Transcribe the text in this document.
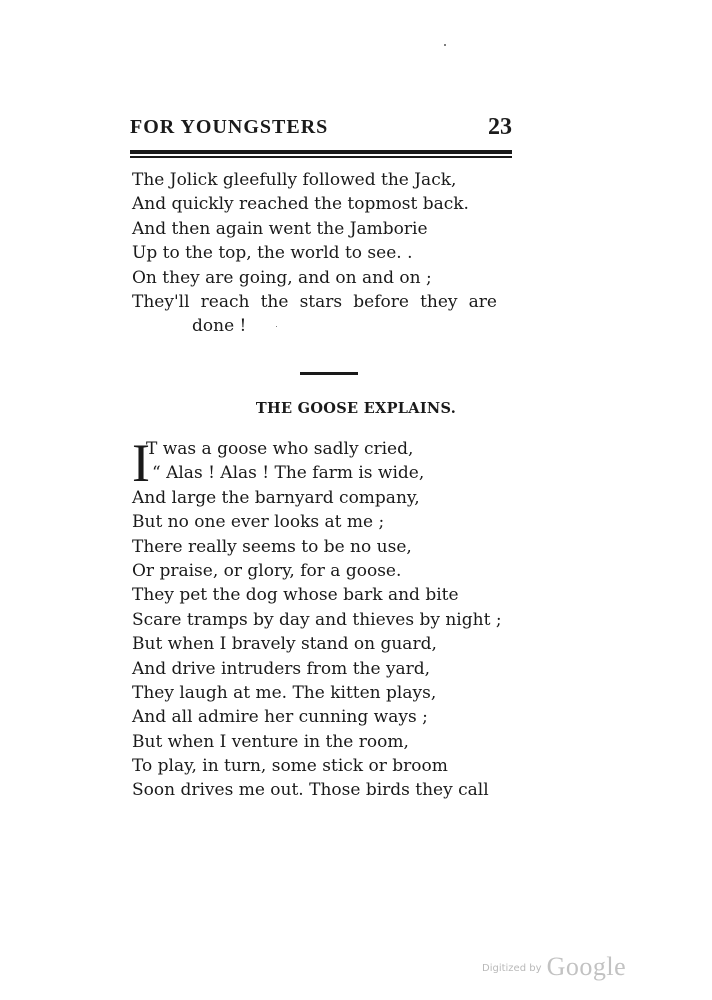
FOR YOUNGSTERS	23
The Jolick gleefully followed the Jack,
And quickly reached the topmost back.
And then again went the Jamborie
Up to the top, the world to see. .
On they are going, and on and on ;
They'll reach the stars before they are
done !
THE GOOSE EXPLAINS.
I
T was a goose who sadly cried,
“ Alas ! Alas ! The farm is wide,
And large the barnyard company,
But no one ever looks at me ;
There really seems to be no use,
Or praise, or glory, for a goose.
They pet the dog whose bark and bite
Scare tramps by day and thieves by night ;
But when I bravely stand on guard,
And drive intruders from the yard,
They laugh at me. The kitten plays,
And all admire her cunning ways ;
But when I venture in the room,
To play, in turn, some stick or broom
Soon drives me out. Those birds they call
$^{Digitized by}$ Google
